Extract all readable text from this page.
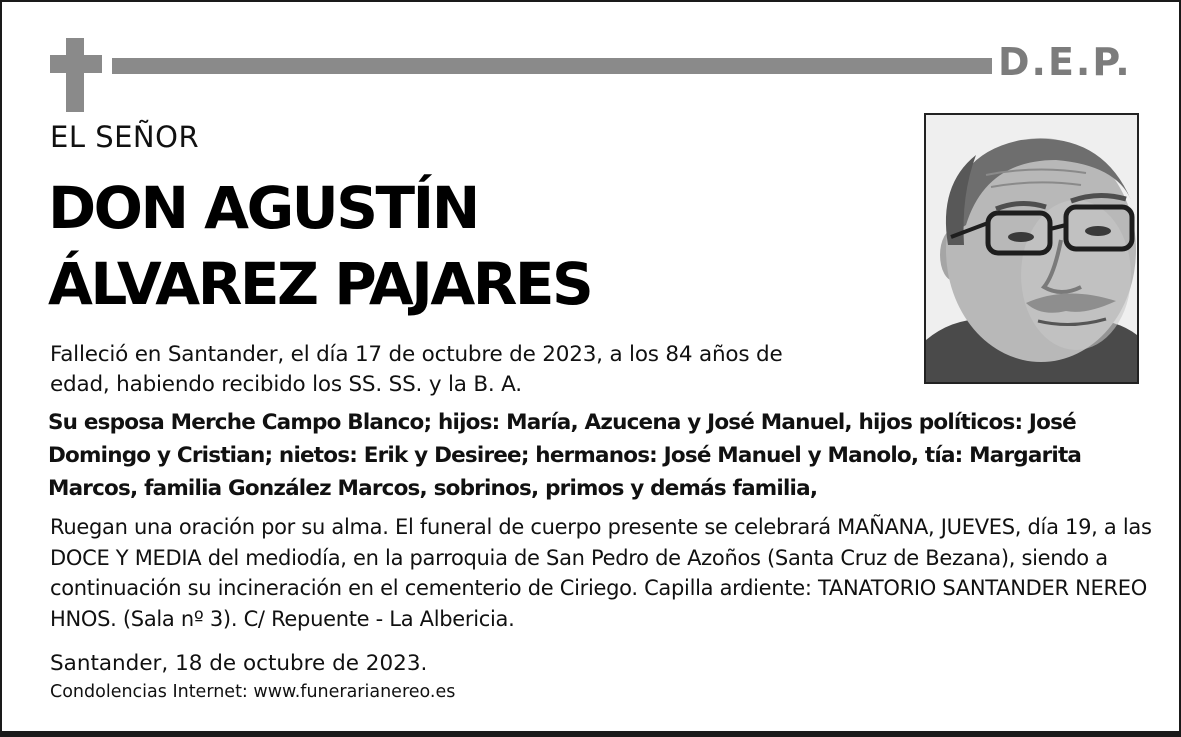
D.E.P.
EL SEÑOR
DON AGUSTÍN
ÁLVAREZ PAJARES
Falleció en Santander, el día 17 de octubre de 2023, a los 84 años de edad, habiendo recibido los SS. SS. y la B. A.
Su esposa Merche Campo Blanco; hijos: María, Azucena y José Manuel, hijos políticos: José Domingo y Cristian; nietos: Erik y Desiree; hermanos: José Manuel y Manolo, tía: Margarita Marcos, familia González Marcos, sobrinos, primos y demás familia,
Ruegan una oración por su alma. El funeral de cuerpo presente se celebrará MAÑANA, JUEVES, día 19, a las DOCE Y MEDIA del mediodía, en la parroquia de San Pedro de Azoños (Santa Cruz de Bezana), siendo a continuación su incineración en el cementerio de Ciriego. Capilla ardiente: TANATORIO SANTANDER NEREO HNOS. (Sala nº 3). C/ Repuente - La Albericia.
Santander, 18 de octubre de 2023.
Condolencias Internet: www.funerarianereo.es
